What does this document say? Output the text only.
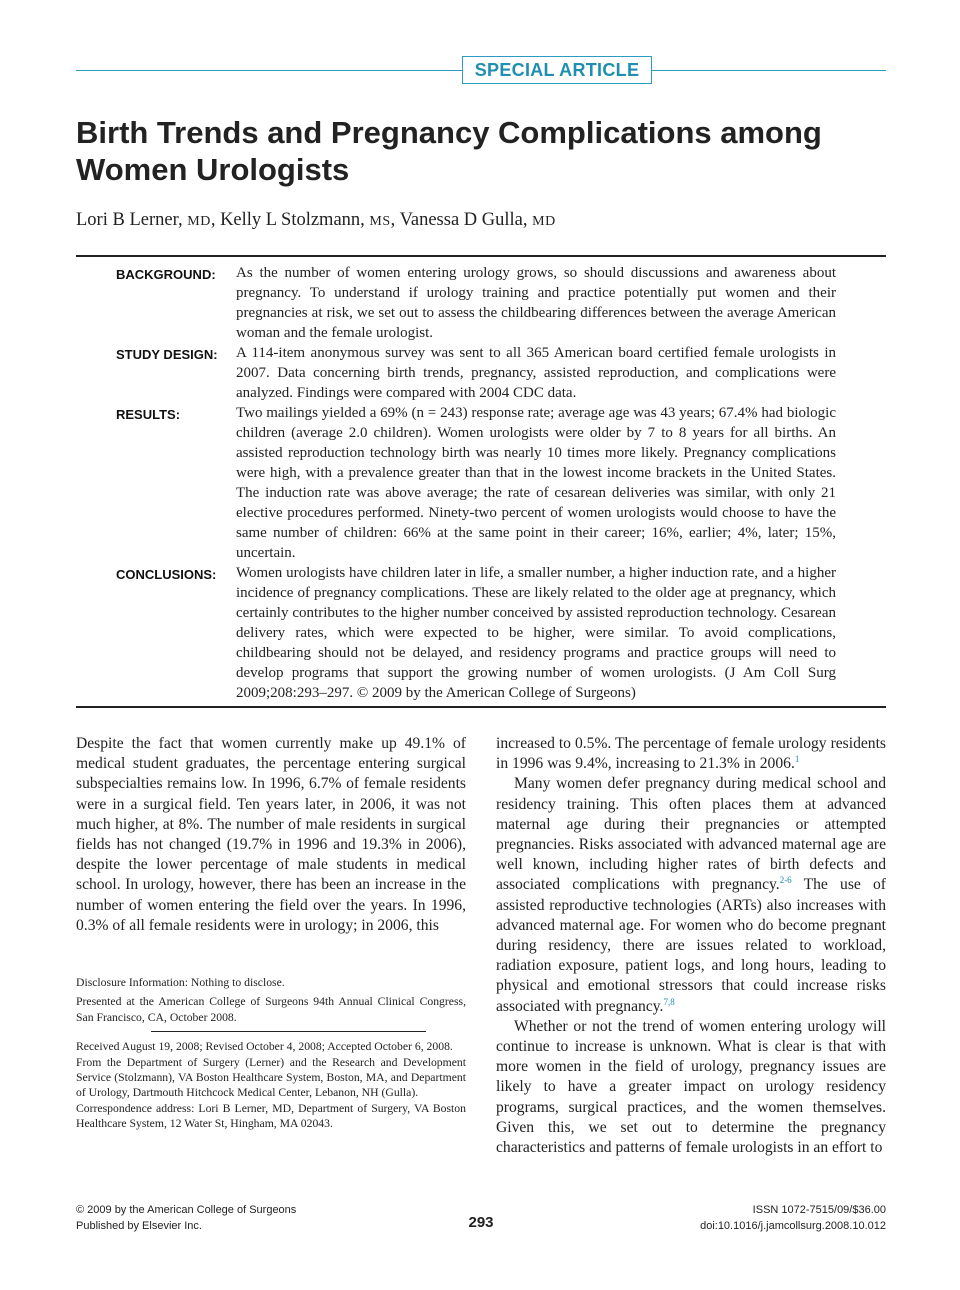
SPECIAL ARTICLE
Birth Trends and Pregnancy Complications among Women Urologists
Lori B Lerner, MD, Kelly L Stolzmann, MS, Vanessa D Gulla, MD
BACKGROUND: As the number of women entering urology grows, so should discussions and awareness about pregnancy. To understand if urology training and practice potentially put women and their pregnancies at risk, we set out to assess the childbearing differences between the average American woman and the female urologist.

STUDY DESIGN: A 114-item anonymous survey was sent to all 365 American board certified female urologists in 2007. Data concerning birth trends, pregnancy, assisted reproduction, and complications were analyzed. Findings were compared with 2004 CDC data.

RESULTS:	Two mailings yielded a 69% (n = 243) response rate; average age was 43 years; 67.4% had biologic children (average 2.0 children). Women urologists were older by 7 to 8 years for all births. An assisted reproduction technology birth was nearly 10 times more likely. Pregnancy complications were high, with a prevalence greater than that in the lowest income brackets in the United States. The induction rate was above average; the rate of cesarean deliveries was similar, with only 21 elective procedures performed. Ninety-two percent of women urologists would choose to have the same number of children: 66% at the same point in their career; 16%, earlier; 4%, later; 15%, uncertain.

CONCLUSIONS: Women urologists have children later in life, a smaller number, a higher induction rate, and a higher incidence of pregnancy complications. These are likely related to the older age at pregnancy, which certainly contributes to the higher number conceived by assisted reproduction technology. Cesarean delivery rates, which were expected to be higher, were similar. To avoid complications, childbearing should not be delayed, and residency programs and practice groups will need to develop programs that support the growing number of women urologists. (J Am Coll Surg 2009;208:293–297. © 2009 by the American College of Surgeons)

Despite the fact that women currently make up 49.1% of medical student graduates, the percentage entering surgical subspecialties remains low. In 1996, 6.7% of female residents were in a surgical field. Ten years later, in 2006, it was not much higher, at 8%. The number of male residents in surgical fields has not changed (19.7% in 1996 and 19.3% in 2006), despite the lower percentage of male students in medical school. In urology, however, there has been an increase in the number of women entering the field over the years. In 1996, 0.3% of all female residents were in urology; in 2006, this

increased to 0.5%. The percentage of female urology residents in 1996 was 9.4%, increasing to 21.3% in 2006.$^1$

Many women defer pregnancy during medical school and residency training. This often places them at advanced maternal age during their pregnancies or attempted pregnancies. Risks associated with advanced maternal age are well known, including higher rates of birth defects and associated complications with pregnancy.$^{2-6}$ The use of assisted reproductive technologies (ARTs) also increases with advanced maternal age. For women who do become pregnant during residency, there are issues related to workload, radiation exposure, patient logs, and long hours, leading to physical and emotional stressors that could increase risks associated with pregnancy.$^{7,8}$

Whether or not the trend of women entering urology will continue to increase is unknown. What is clear is that with more women in the field of urology, pregnancy issues are likely to have a greater impact on urology residency programs, surgical practices, and the women themselves. Given this, we set out to determine the pregnancy characteristics and patterns of female urologists in an effort to

Disclosure Information: Nothing to disclose.

Presented at the American College of Surgeons 94th Annual Clinical Congress, San Francisco, CA, October 2008.

Received August 19, 2008; Revised October 4, 2008; Accepted October 6, 2008.

From the Department of Surgery (Lerner) and the Research and Development Service (Stolzmann), VA Boston Healthcare System, Boston, MA, and Department of Urology, Dartmouth Hitchcock Medical Center, Lebanon, NH (Gulla).

Correspondence address: Lori B Lerner, MD, Department of Surgery, VA Boston Healthcare System, 12 Water St, Hingham, MA 02043.

© 2009 by the American College of Surgeons
Published by Elsevier Inc.	293
ISSN 1072-7515/09/$36.00
doi:10.1016/j.jamcollsurg.2008.10.012
